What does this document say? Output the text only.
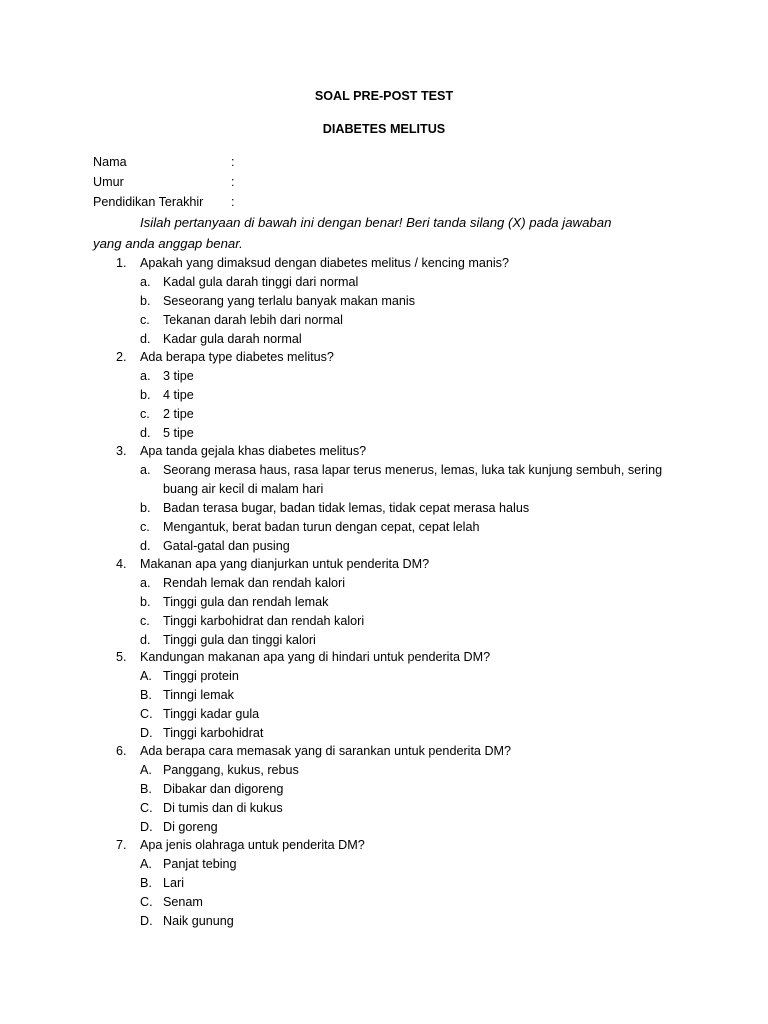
SOAL PRE-POST TEST
DIABETES MELITUS
Nama	:
Umur	:
Pendidikan Terakhir :
Isilah pertanyaan di bawah ini dengan benar! Beri tanda silang (X) pada jawaban
yang anda anggap benar.
1. Apakah yang dimaksud dengan diabetes melitus / kencing manis?
a. Kadal gula darah tinggi dari normal
b. Seseorang yang terlalu banyak makan manis
c. Tekanan darah lebih dari normal
d. Kadar gula darah normal
2. Ada berapa type diabetes melitus?
a. 3 tipe
b. 4 tipe
c. 2 tipe
d. 5 tipe
3. Apa tanda gejala khas diabetes melitus?
a. Seorang merasa haus, rasa lapar terus menerus, lemas, luka tak kunjung sembuh, sering
buang air kecil di malam hari
b. Badan terasa bugar, badan tidak lemas, tidak cepat merasa halus
c. Mengantuk, berat badan turun dengan cepat, cepat lelah
d. Gatal-gatal dan pusing
4. Makanan apa yang dianjurkan untuk penderita DM?
a. Rendah lemak dan rendah kalori
b. Tinggi gula dan rendah lemak
c. Tinggi karbohidrat dan rendah kalori
d. Tinggi gula dan tinggi kalori
5. Kandungan makanan apa yang di hindari untuk penderita DM?
A. Tinggi protein
B. Tinngi lemak
C. Tinggi kadar gula
D. Tinggi karbohidrat
6. Ada berapa cara memasak yang di sarankan untuk penderita DM?
A. Panggang, kukus, rebus
B. Dibakar dan digoreng
C. Di tumis dan di kukus
D. Di goreng
7. Apa jenis olahraga untuk penderita DM?
A. Panjat tebing
B. Lari
C. Senam
D. Naik gunung
